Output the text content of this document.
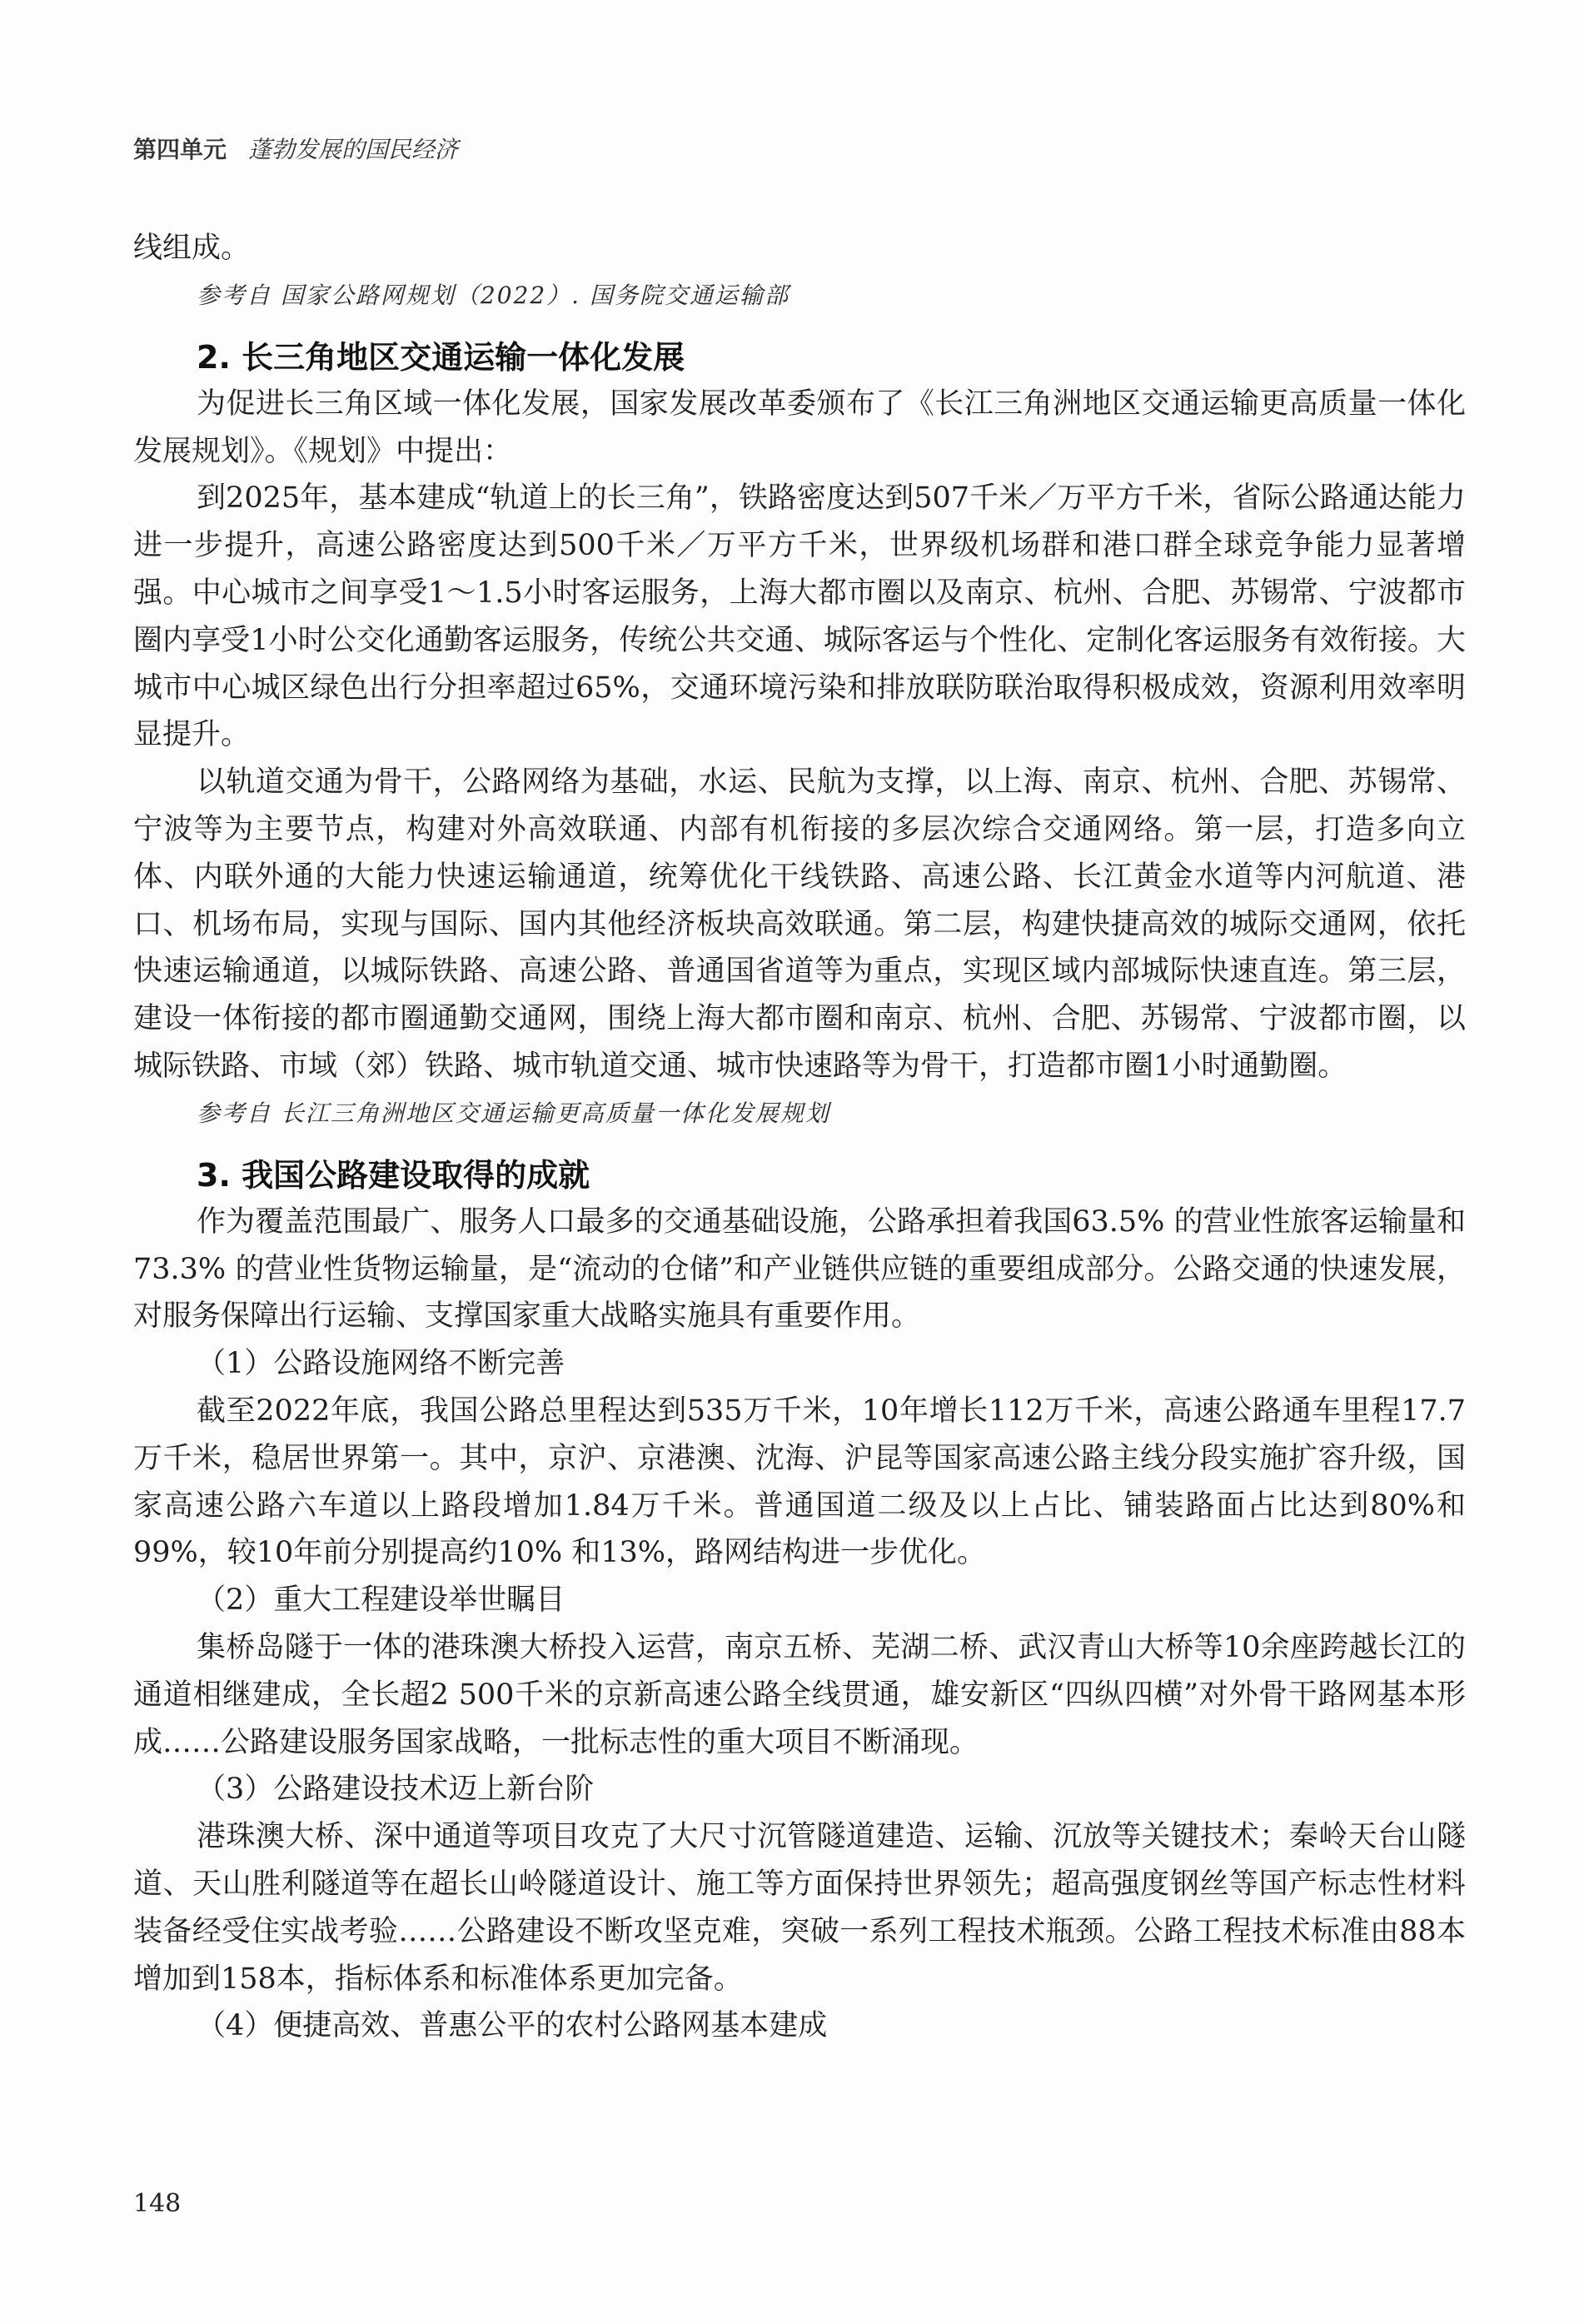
第四单元 蓬勃发展的国民经济

线组成。

参考自 国家公路网规划（2022）. 国务院交通运输部

2. 长三角地区交通运输一体化发展

为促进长三角区域一体化发展，国家发展改革委颁布了《长江三角洲地区交通运输更高质量一体化发展规划》。《规划》中提出：

到2025年，基本建成“轨道上的长三角”，铁路密度达到507千米／万平方千米，省际公路通达能力进一步提升，高速公路密度达到500千米／万平方千米，世界级机场群和港口群全球竞争能力显著增强。中心城市之间享受1～1.5小时客运服务，上海大都市圈以及南京、杭州、合肥、苏锡常、宁波都市圈内享受1小时公交化通勤客运服务，传统公共交通、城际客运与个性化、定制化客运服务有效衔接。大城市中心城区绿色出行分担率超过65%，交通环境污染和排放联防联治取得积极成效，资源利用效率明显提升。

以轨道交通为骨干，公路网络为基础，水运、民航为支撑，以上海、南京、杭州、合肥、苏锡常、宁波等为主要节点，构建对外高效联通、内部有机衔接的多层次综合交通网络。第一层，打造多向立体、内联外通的大能力快速运输通道，统筹优化干线铁路、高速公路、长江黄金水道等内河航道、港口、机场布局，实现与国际、国内其他经济板块高效联通。第二层，构建快捷高效的城际交通网，依托快速运输通道，以城际铁路、高速公路、普通国省道等为重点，实现区域内部城际快速直连。第三层，建设一体衔接的都市圈通勤交通网，围绕上海大都市圈和南京、杭州、合肥、苏锡常、宁波都市圈，以城际铁路、市域（郊）铁路、城市轨道交通、城市快速路等为骨干，打造都市圈1小时通勤圈。

参考自 长江三角洲地区交通运输更高质量一体化发展规划

3. 我国公路建设取得的成就

作为覆盖范围最广、服务人口最多的交通基础设施，公路承担着我国63.5% 的营业性旅客运输量和73.3% 的营业性货物运输量，是“流动的仓储”和产业链供应链的重要组成部分。公路交通的快速发展，对服务保障出行运输、支撑国家重大战略实施具有重要作用。

（1）公路设施网络不断完善

截至2022年底，我国公路总里程达到535万千米，10年增长112万千米，高速公路通车里程17.7万千米，稳居世界第一。其中，京沪、京港澳、沈海、沪昆等国家高速公路主线分段实施扩容升级，国家高速公路六车道以上路段增加1.84万千米。普通国道二级及以上占比、铺装路面占比达到80%和99%，较10年前分别提高约10% 和13%，路网结构进一步优化。

（2）重大工程建设举世瞩目

集桥岛隧于一体的港珠澳大桥投入运营，南京五桥、芜湖二桥、武汉青山大桥等10余座跨越长江的通道相继建成，全长超2 500千米的京新高速公路全线贯通，雄安新区“四纵四横”对外骨干路网基本形成……公路建设服务国家战略，一批标志性的重大项目不断涌现。

（3）公路建设技术迈上新台阶

港珠澳大桥、深中通道等项目攻克了大尺寸沉管隧道建造、运输、沉放等关键技术；秦岭天台山隧道、天山胜利隧道等在超长山岭隧道设计、施工等方面保持世界领先；超高强度钢丝等国产标志性材料装备经受住实战考验……公路建设不断攻坚克难，突破一系列工程技术瓶颈。公路工程技术标准由88本增加到158本，指标体系和标准体系更加完备。

（4）便捷高效、普惠公平的农村公路网基本建成

148
